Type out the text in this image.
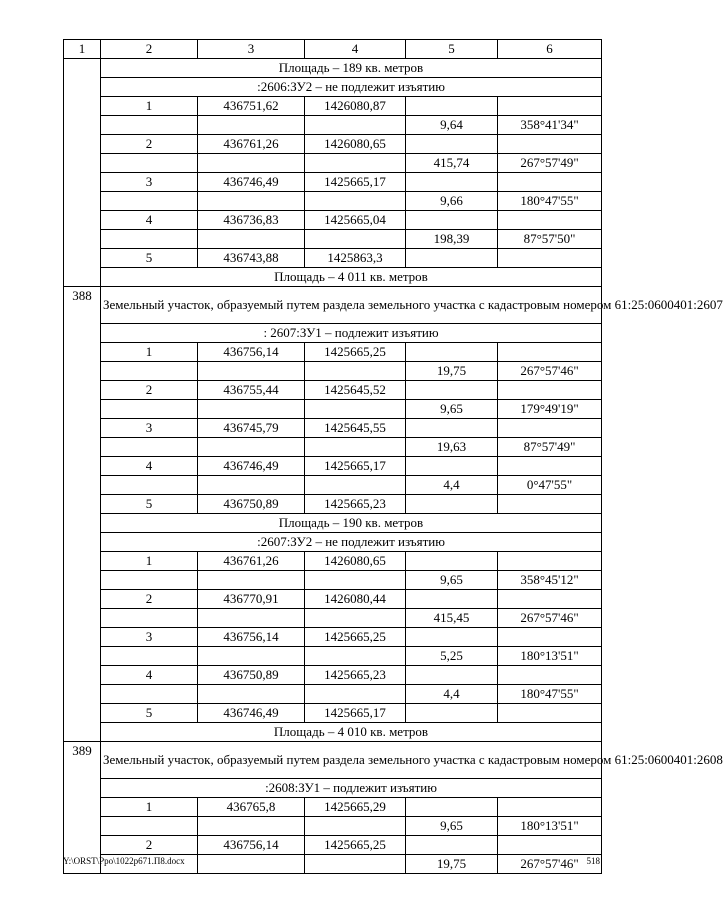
1	2	3	4	5	6
	Площадь – 189 кв. метров				
	:2606:ЗУ2 – не подлежит изъятию				
	1	436751,62	1426080,87		
				9,64	358°41'34"
	2	436761,26	1426080,65		
				415,74	267°57'49"
	3	436746,49	1425665,17		
				9,66	180°47'55"
	4	436736,83	1425665,04		
				198,39	87°57'50"
	5	436743,88	1425863,3		
	Площадь – 4 011 кв. метров				
388	Земельный участок, образуемый путем раздела земельного участка с кадастровым номером 61:25:0600401:2607				
	: 2607:ЗУ1 – подлежит изъятию				
	1	436756,14	1425665,25		
				19,75	267°57'46"
	2	436755,44	1425645,52		
				9,65	179°49'19"
	3	436745,79	1425645,55		
				19,63	87°57'49"
	4	436746,49	1425665,17		
				4,4	0°47'55"
	5	436750,89	1425665,23		
	Площадь – 190 кв. метров				
	:2607:ЗУ2 – не подлежит изъятию				
	1	436761,26	1426080,65		
				9,65	358°45'12"
	2	436770,91	1426080,44		
				415,45	267°57'46"
	3	436756,14	1425665,25		
				5,25	180°13'51"
	4	436750,89	1425665,23		
				4,4	180°47'55"
	5	436746,49	1425665,17		
	Площадь – 4 010 кв. метров				
389	Земельный участок, образуемый путем раздела земельного участка с кадастровым номером 61:25:0600401:2608				
	:2608:ЗУ1 – подлежит изъятию				
	1	436765,8	1425665,29		
				9,65	180°13'51"
	2	436756,14	1425665,25		
				19,75	267°57'46"
Y:\ORST\Ppo\1022p671.П8.docx	518
